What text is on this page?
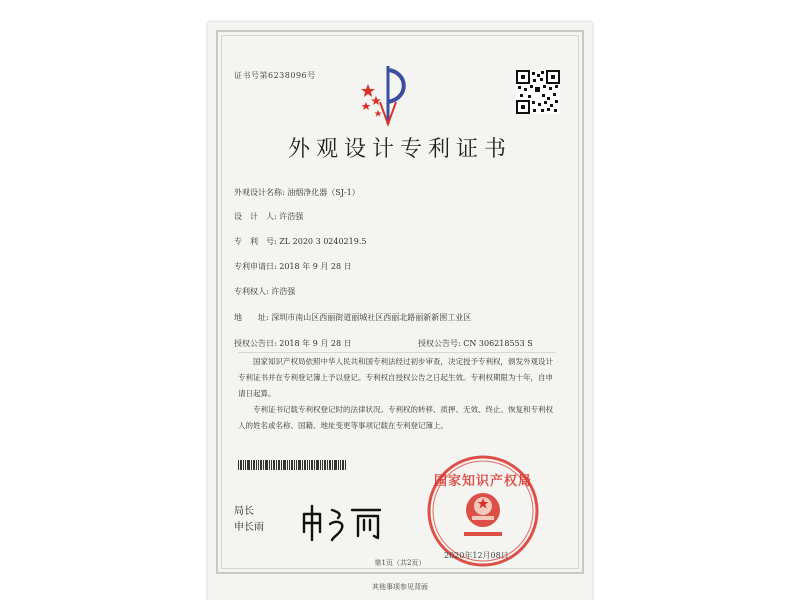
证书号第6238096号
外观设计专利证书
外观设计名称: 油烟净化器（SJ-1）
设　计　人: 许浩强
专　利　号: ZL 2020 3 0240219.5
专利申请日: 2018 年 9 月 28 日
专利权人: 许浩强
地　　址: 深圳市南山区西丽街道丽城社区西丽北路丽新新围工业区
授权公告日: 2018 年 9 月 28 日	授权公告号: CN 306218553 S
国家知识产权局依照中华人民共和国专利法经过初步审查，决定授予专利权，颁发外观设计专利证书并在专利登记簿上予以登记。专利权自授权公告之日起生效。专利权期限为十年，自申请日起算。
专利证书记载专利权登记时的法律状况。专利权的转移、质押、无效、终止、恢复和专利权人的姓名或名称、国籍、地址变更等事项记载在专利登记簿上。
局长
申长雨
国家知识产权局
2020年12月08日
第1页（共2页）
其他事项参见背面
